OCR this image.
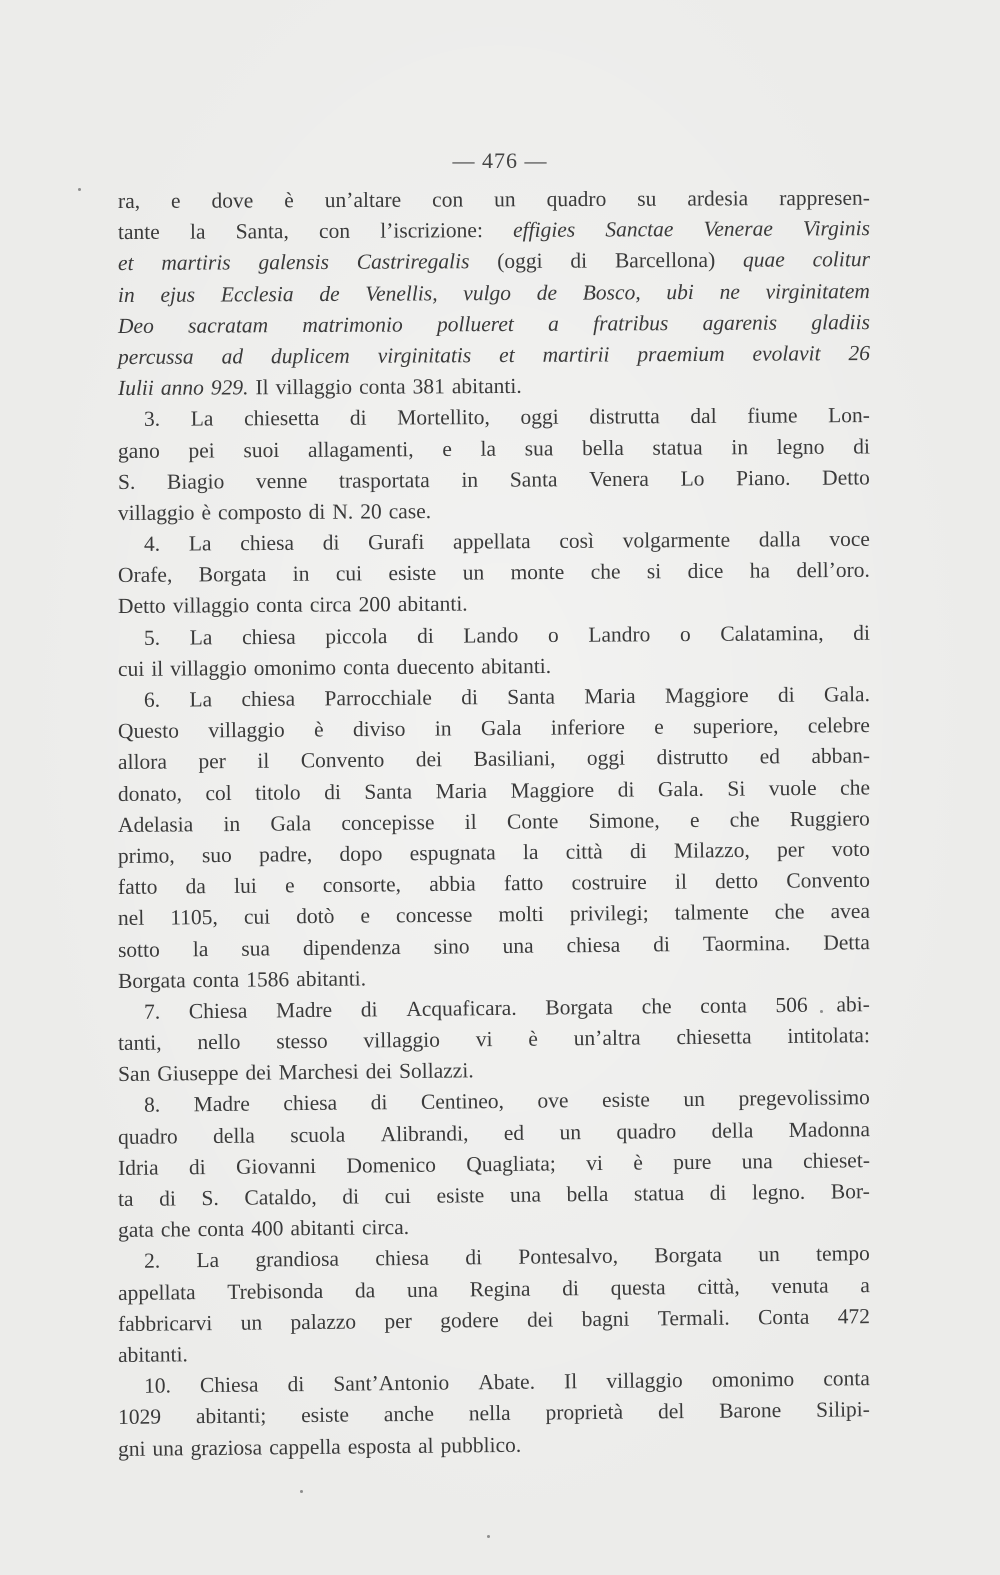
— 476 —
ra, e dove è un’altare con un quadro su ardesia rappresen-
tante la Santa, con l’iscrizione: effigies Sanctae Venerae Virginis
et martiris galensis Castriregalis (oggi di Barcellona) quae colitur
in ejus Ecclesia de Venellis, vulgo de Bosco, ubi ne virginitatem
Deo sacratam matrimonio pollueret a fratribus agarenis gladiis
percussa ad duplicem virginitatis et martirii praemium evolavit 26
Iulii anno 929. Il villaggio conta 381 abitanti.
3. La chiesetta di Mortellito, oggi distrutta dal fiume Lon-
gano pei suoi allagamenti, e la sua bella statua in legno di
S. Biagio venne trasportata in Santa Venera Lo Piano. Detto
villaggio è composto di N. 20 case.
4. La chiesa di Gurafi appellata così volgarmente dalla voce
Orafe, Borgata in cui esiste un monte che si dice ha dell’oro.
Detto villaggio conta circa 200 abitanti.
5. La chiesa piccola di Lando o Landro o Calatamina, di
cui il villaggio omonimo conta duecento abitanti.
6. La chiesa Parrocchiale di Santa Maria Maggiore di Gala.
Questo villaggio è diviso in Gala inferiore e superiore, celebre
allora per il Convento dei Basiliani, oggi distrutto ed abban-
donato, col titolo di Santa Maria Maggiore di Gala. Si vuole che
Adelasia in Gala concepisse il Conte Simone, e che Ruggiero
primo, suo padre, dopo espugnata la città di Milazzo, per voto
fatto da lui e consorte, abbia fatto costruire il detto Convento
nel 1105, cui dotò e concesse molti privilegi; talmente che avea
sotto la sua dipendenza sino una chiesa di Taormina. Detta
Borgata conta 1586 abitanti.
7. Chiesa Madre di Acquaficara. Borgata che conta 506 abi-
tanti, nello stesso villaggio vi è un’altra chiesetta intitolata:
San Giuseppe dei Marchesi dei Sollazzi.
8. Madre chiesa di Centineo, ove esiste un pregevolissimo
quadro della scuola Alibrandi, ed un quadro della Madonna
Idria di Giovanni Domenico Quagliata; vi è pure una chieset-
ta di S. Cataldo, di cui esiste una bella statua di legno. Bor-
gata che conta 400 abitanti circa.
2. La grandiosa chiesa di Pontesalvo, Borgata un tempo
appellata Trebisonda da una Regina di questa città, venuta a
fabbricarvi un palazzo per godere dei bagni Termali. Conta 472
abitanti.
10. Chiesa di Sant’Antonio Abate. Il villaggio omonimo conta
1029 abitanti; esiste anche nella proprietà del Barone Silipi-
gni una graziosa cappella esposta al pubblico.
